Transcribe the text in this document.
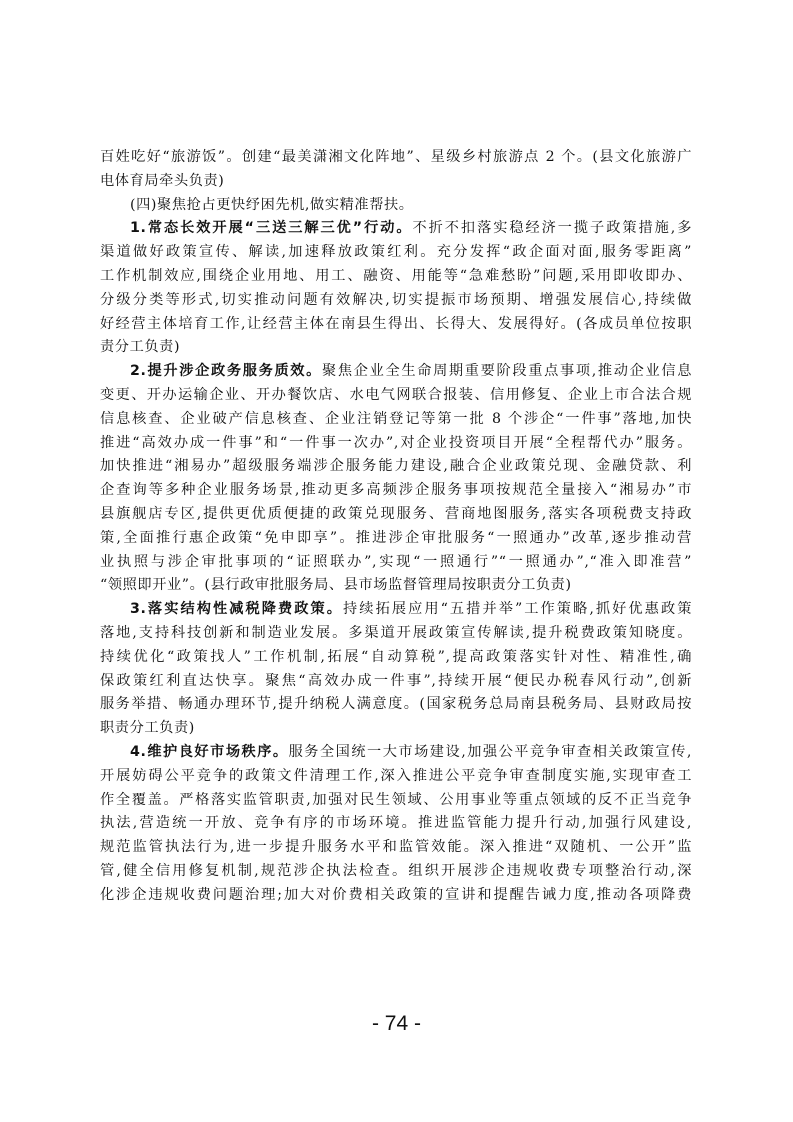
百姓吃好“旅游饭”。创建“最美潇湘文化阵地”、星级乡村旅游点 2 个。(县文化旅游广
电体育局牵头负责)
(四)聚焦抢占更快纾困先机,做实精准帮扶。
1.常态长效开展“三送三解三优”行动。不折不扣落实稳经济一揽子政策措施,多
渠道做好政策宣传、解读,加速释放政策红利。充分发挥“政企面对面,服务零距离”
工作机制效应,围绕企业用地、用工、融资、用能等“急难愁盼”问题,采用即收即办、
分级分类等形式,切实推动问题有效解决,切实提振市场预期、增强发展信心,持续做
好经营主体培育工作,让经营主体在南县生得出、长得大、发展得好。(各成员单位按职
责分工负责)
2.提升涉企政务服务质效。聚焦企业全生命周期重要阶段重点事项,推动企业信息
变更、开办运输企业、开办餐饮店、水电气网联合报装、信用修复、企业上市合法合规
信息核查、企业破产信息核查、企业注销登记等第一批 8 个涉企“一件事”落地,加快
推进“高效办成一件事”和“一件事一次办”,对企业投资项目开展“全程帮代办”服务。
加快推进“湘易办”超级服务端涉企服务能力建设,融合企业政策兑现、金融贷款、利
企查询等多种企业服务场景,推动更多高频涉企服务事项按规范全量接入“湘易办”市
县旗舰店专区,提供更优质便捷的政策兑现服务、营商地图服务,落实各项税费支持政
策,全面推行惠企政策“免申即享”。推进涉企审批服务“一照通办”改革,逐步推动营
业执照与涉企审批事项的“证照联办”,实现“一照通行”“一照通办”,“准入即准营”
“领照即开业”。(县行政审批服务局、县市场监督管理局按职责分工负责)
3.落实结构性减税降费政策。持续拓展应用“五措并举”工作策略,抓好优惠政策
落地,支持科技创新和制造业发展。多渠道开展政策宣传解读,提升税费政策知晓度。
持续优化“政策找人”工作机制,拓展“自动算税”,提高政策落实针对性、精准性,确
保政策红利直达快享。聚焦“高效办成一件事”,持续开展“便民办税春风行动”,创新
服务举措、畅通办理环节,提升纳税人满意度。(国家税务总局南县税务局、县财政局按
职责分工负责)
4.维护良好市场秩序。服务全国统一大市场建设,加强公平竞争审查相关政策宣传,
开展妨碍公平竞争的政策文件清理工作,深入推进公平竞争审查制度实施,实现审查工
作全覆盖。严格落实监管职责,加强对民生领域、公用事业等重点领域的反不正当竞争
执法,营造统一开放、竞争有序的市场环境。推进监管能力提升行动,加强行风建设,
规范监管执法行为,进一步提升服务水平和监管效能。深入推进“双随机、一公开”监
管,健全信用修复机制,规范涉企执法检查。组织开展涉企违规收费专项整治行动,深
化涉企违规收费问题治理;加大对价费相关政策的宣讲和提醒告诫力度,推动各项降费
- 74 -
